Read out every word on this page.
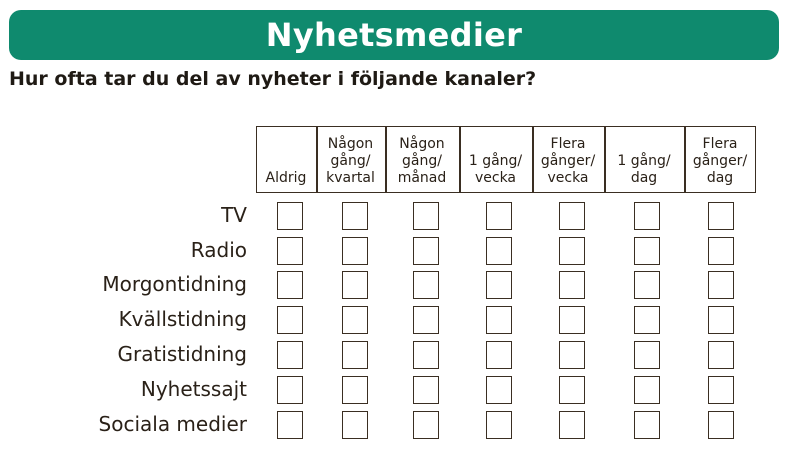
Nyhetsmedier
Hur ofta tar du del av nyheter i följande kanaler?
Aldrig
Någon
gång/
kvartal
Någon
gång/
månad
1 gång/
vecka
Flera
gånger/
vecka
1 gång/
dag
Flera
gånger/
dag
TV
Radio
Morgontidning
Kvällstidning
Gratistidning
Nyhetssajt
Sociala medier
